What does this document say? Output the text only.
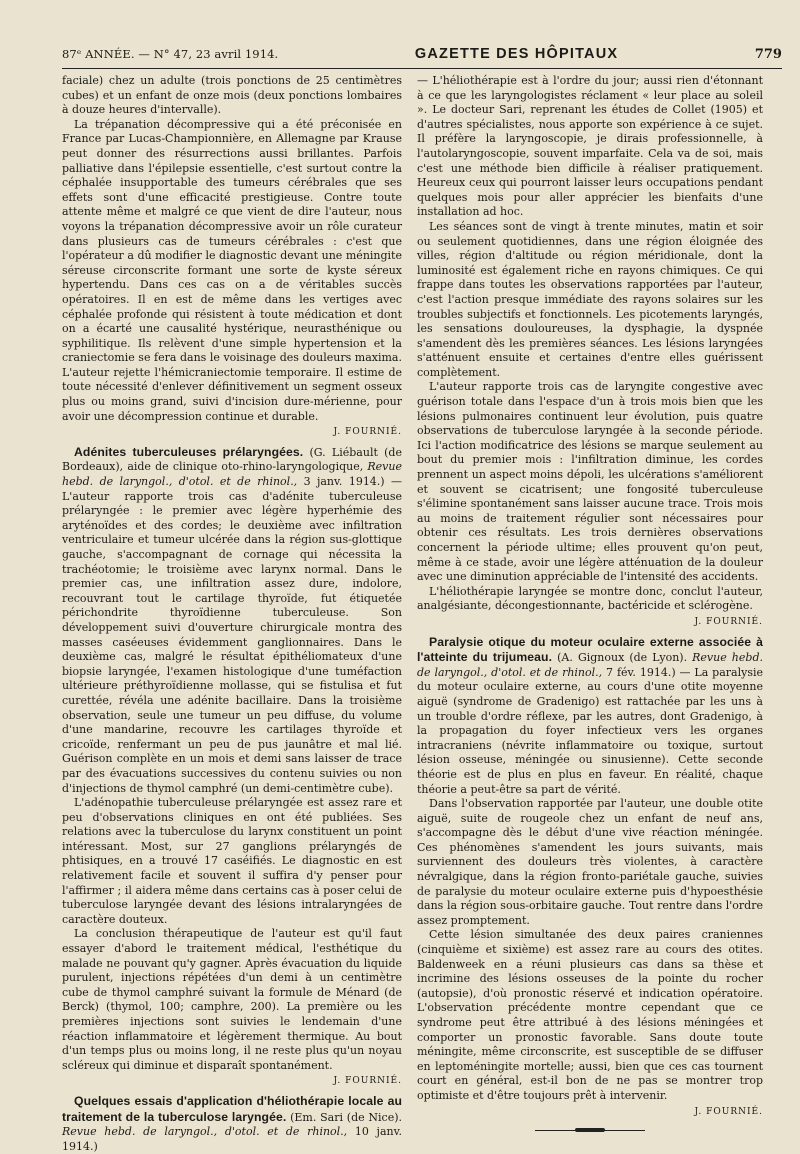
87ᵉ ANNÉE. — N° 47, 23 avril 1914.	GAZETTE DES HÔPITAUX	779

faciale) chez un adulte (trois ponctions de 25 centimètres cubes) et un enfant de onze mois (deux ponctions lombaires à douze heures d'intervalle).

La trépanation décompressive qui a été préconisée en France par Lucas-Championnière, en Allemagne par Krause peut donner des résurrections aussi brillantes. Parfois palliative dans l'épilepsie essentielle, c'est surtout contre la céphalée insupportable des tumeurs cérébrales que ses effets sont d'une efficacité prestigieuse. Contre toute attente même et malgré ce que vient de dire l'auteur, nous voyons la trépanation décompressive avoir un rôle curateur dans plusieurs cas de tumeurs cérébrales : c'est que l'opérateur a dû modifier le diagnostic devant une méningite séreuse circonscrite formant une sorte de kyste séreux hypertendu. Dans ces cas on a de véritables succès opératoires. Il en est de même dans les vertiges avec céphalée profonde qui résistent à toute médication et dont on a écarté une causalité hystérique, neurasthénique ou syphilitique. Ils relèvent d'une simple hypertension et la craniectomie se fera dans le voisinage des douleurs maxima. L'auteur rejette l'hémicraniectomie temporaire. Il estime de toute nécessité d'enlever définitivement un segment osseux plus ou moins grand, suivi d'incision dure-mérienne, pour avoir une décompression continue et durable.

J. FOURNIÉ.

Adénites tuberculeuses prélaryngées. (G. Liébault (de Bordeaux), aide de clinique oto-rhino-laryngologique, Revue hebd. de laryngol., d'otol. et de rhinol., 3 janv. 1914.) — L'auteur rapporte trois cas d'adénite tuberculeuse prélaryngée : le premier avec légère hyperhémie des aryténoïdes et des cordes; le deuxième avec infiltration ventriculaire et tumeur ulcérée dans la région sus-glottique gauche, s'accompagnant de cornage qui nécessita la trachéotomie; le troisième avec larynx normal. Dans le premier cas, une infiltration assez dure, indolore, recouvrant tout le cartilage thyroïde, fut étiquetée périchondrite thyroïdienne tuberculeuse. Son développement suivi d'ouverture chirurgicale montra des masses caséeuses évidemment ganglionnaires. Dans le deuxième cas, malgré le résultat épithéliomateux d'une biopsie laryngée, l'examen histologique d'une tuméfaction ultérieure préthyroïdienne mollasse, qui se fistulisa et fut curettée, révéla une adénite bacillaire. Dans la troisième observation, seule une tumeur un peu diffuse, du volume d'une mandarine, recouvre les cartilages thyroïde et cricoïde, renfermant un peu de pus jaunâtre et mal lié. Guérison complète en un mois et demi sans laisser de trace par des évacuations successives du contenu suivies ou non d'injections de thymol camphré (un demi-centimètre cube).

L'adénopathie tuberculeuse prélaryngée est assez rare et peu d'observations cliniques en ont été publiées. Ses relations avec la tuberculose du larynx constituent un point intéressant. Most, sur 27 ganglions prélaryngés de phtisiques, en a trouvé 17 caséifiés. Le diagnostic en est relativement facile et souvent il suffira d'y penser pour l'affirmer ; il aidera même dans certains cas à poser celui de tuberculose laryngée devant des lésions intralaryngées de caractère douteux.

La conclusion thérapeutique de l'auteur est qu'il faut essayer d'abord le traitement médical, l'esthétique du malade ne pouvant qu'y gagner. Après évacuation du liquide purulent, injections répétées d'un demi à un centimètre cube de thymol camphré suivant la formule de Ménard (de Berck) (thymol, 100; camphre, 200). La première ou les premières injections sont suivies le lendemain d'une réaction inflammatoire et légèrement thermique. Au bout d'un temps plus ou moins long, il ne reste plus qu'un noyau scléreux qui diminue et disparaît spontanément.

J. FOURNIÉ.

Quelques essais d'application d'héliothérapie locale au traitement de la tuberculose laryngée. (Em. Sari (de Nice). Revue hebd. de laryngol., d'otol. et de rhinol., 10 janv. 1914.)

— L'héliothérapie est à l'ordre du jour; aussi rien d'étonnant à ce que les laryngologistes réclament « leur place au soleil ». Le docteur Sari, reprenant les études de Collet (1905) et d'autres spécialistes, nous apporte son expérience à ce sujet. Il préfère la laryngoscopie, je dirais professionnelle, à l'autolaryngoscopie, souvent imparfaite. Cela va de soi, mais c'est une méthode bien difficile à réaliser pratiquement. Heureux ceux qui pourront laisser leurs occupations pendant quelques mois pour aller apprécier les bienfaits d'une installation ad hoc.

Les séances sont de vingt à trente minutes, matin et soir ou seulement quotidiennes, dans une région éloignée des villes, région d'altitude ou région méridionale, dont la luminosité est également riche en rayons chimiques. Ce qui frappe dans toutes les observations rapportées par l'auteur, c'est l'action presque immédiate des rayons solaires sur les troubles subjectifs et fonctionnels. Les picotements laryngés, les sensations douloureuses, la dysphagie, la dyspnée s'amendent dès les premières séances. Les lésions laryngées s'atténuent ensuite et certaines d'entre elles guérissent complètement.

L'auteur rapporte trois cas de laryngite congestive avec guérison totale dans l'espace d'un à trois mois bien que les lésions pulmonaires continuent leur évolution, puis quatre observations de tuberculose laryngée à la seconde période. Ici l'action modificatrice des lésions se marque seulement au bout du premier mois : l'infiltration diminue, les cordes prennent un aspect moins dépoli, les ulcérations s'améliorent et souvent se cicatrisent; une fongosité tuberculeuse s'élimine spontanément sans laisser aucune trace. Trois mois au moins de traitement régulier sont nécessaires pour obtenir ces résultats. Les trois dernières observations concernent la période ultime; elles prouvent qu'on peut, même à ce stade, avoir une légère atténuation de la douleur avec une diminution appréciable de l'intensité des accidents.

L'héliothérapie laryngée se montre donc, conclut l'auteur, analgésiante, décongestionnante, bactéricide et sclérogène.

J. FOURNIÉ.

Paralysie otique du moteur oculaire externe associée à l'atteinte du trijumeau. (A. Gignoux (de Lyon). Revue hebd. de laryngol., d'otol. et de rhinol., 7 fév. 1914.) — La paralysie du moteur oculaire externe, au cours d'une otite moyenne aiguë (syndrome de Gradenigo) est rattachée par les uns à un trouble d'ordre réflexe, par les autres, dont Gradenigo, à la propagation du foyer infectieux vers les organes intracraniens (névrite inflammatoire ou toxique, surtout lésion osseuse, méningée ou sinusienne). Cette seconde théorie est de plus en plus en faveur. En réalité, chaque théorie a peut-être sa part de vérité.

Dans l'observation rapportée par l'auteur, une double otite aiguë, suite de rougeole chez un enfant de neuf ans, s'accompagne dès le début d'une vive réaction méningée. Ces phénomènes s'amendent les jours suivants, mais surviennent des douleurs très violentes, à caractère névralgique, dans la région fronto-pariétale gauche, suivies de paralysie du moteur oculaire externe puis d'hypoesthésie dans la région sous-orbitaire gauche. Tout rentre dans l'ordre assez promptement.

Cette lésion simultanée des deux paires craniennes (cinquième et sixième) est assez rare au cours des otites. Baldenweek en a réuni plusieurs cas dans sa thèse et incrimine des lésions osseuses de la pointe du rocher (autopsie), d'où pronostic réservé et indication opératoire. L'observation précédente montre cependant que ce syndrome peut être attribué à des lésions méningées et comporter un pronostic favorable. Sans doute toute méningite, même circonscrite, est susceptible de se diffuser en leptoméningite mortelle; aussi, bien que ces cas tournent court en général, est-il bon de ne pas se montrer trop optimiste et d'être toujours prêt à intervenir.

J. FOURNIÉ.
